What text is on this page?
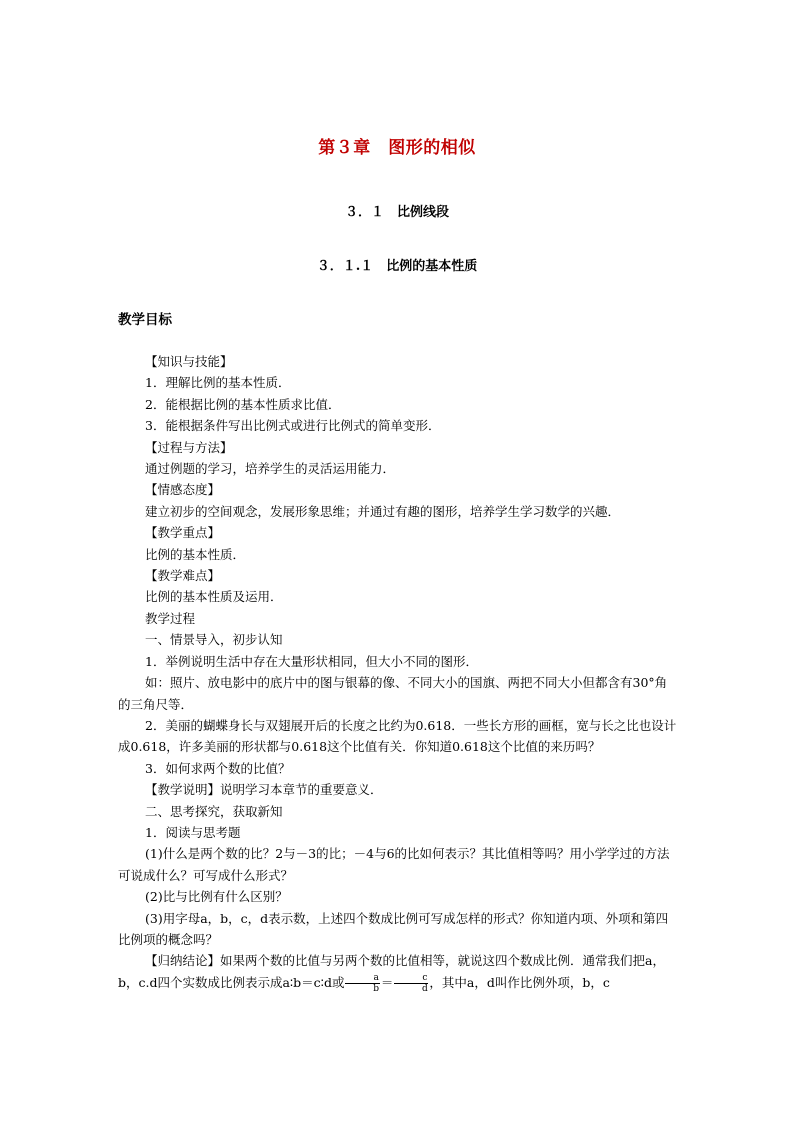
第３章　图形的相似
３．１　比例线段
３．１.１　比例的基本性质
教学目标

【知识与技能】

1．理解比例的基本性质．

2．能根据比例的基本性质求比值．

3．能根据条件写出比例式或进行比例式的简单变形．

【过程与方法】

通过例题的学习，培养学生的灵活运用能力．

【情感态度】

建立初步的空间观念，发展形象思维；并通过有趣的图形，培养学生学习数学的兴趣．

【教学重点】

比例的基本性质．

【教学难点】

比例的基本性质及运用．

教学过程

一、情景导入，初步认知

1．举例说明生活中存在大量形状相同，但大小不同的图形．

如：照片、放电影中的底片中的图与银幕的像、不同大小的国旗、两把不同大小但都含有30°角的三角尺等．

2．美丽的蝴蝶身长与双翅展开后的长度之比约为0.618．一些长方形的画框，宽与长之比也设计成0.618，许多美丽的形状都与0.618这个比值有关．你知道0.618这个比值的来历吗？

3．如何求两个数的比值？

【教学说明】说明学习本章节的重要意义．

二、思考探究，获取新知

1．阅读与思考题

(1)什么是两个数的比？2与－3的比；－4与6的比如何表示？其比值相等吗？用小学学过的方法可说成什么？可写成什么形式？

(2)比与比例有什么区别？

(3)用字母a，b，c，d表示数，上述四个数成比例可写成怎样的形式？你知道内项、外项和第四比例项的概念吗？

【归纳结论】如果两个数的比值与另两个数的比值相等，就说这四个数成比例．通常我们把a，b，c.d四个实数成比例表示成a∶b＝c∶d或 $\frac{a}{b} = \frac{c}{d}$ ，其中a，d叫作比例外项，b，c
